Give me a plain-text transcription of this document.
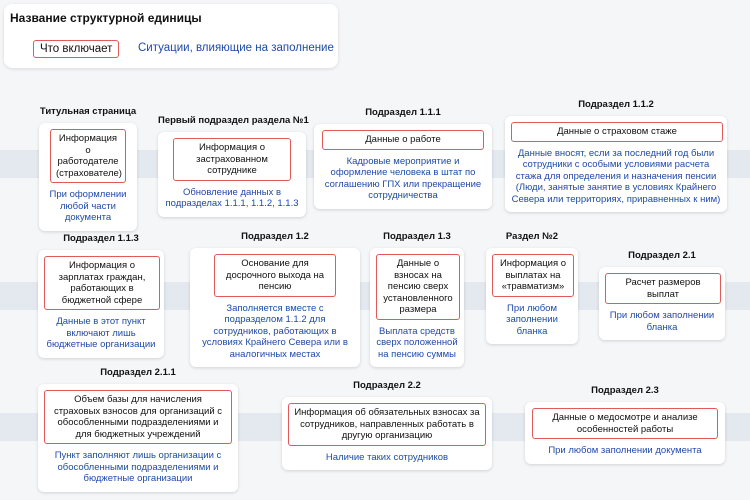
Название структурной единицы
Что включает	Ситуации, влияющие на заполнение
Титульная страница
Информация о работодателе (страхователе)
При оформлении любой части документа
Первый подраздел раздела №1
Информация о застрахованном сотруднике
Обновление данных в подразделах 1.1.1, 1.1.2, 1.1.3
Подраздел 1.1.1
Данные о работе
Кадровые мероприятие и оформление человека в штат по соглашению ГПХ или прекращение сотрудничества
Подраздел 1.1.2
Данные о страховом стаже
Данные вносят, если за последний год были сотрудники с особыми условиями расчета стажа для определения и назначения пенсии (Люди, занятые занятие в условиях Крайнего Севера или территориях, приравненных к ним)
Подраздел 1.1.3
Информация о зарплатах граждан, работающих в бюджетной сфере
Данные в этот пункт включают лишь бюджетные организации
Подраздел 1.2
Основание для досрочного выхода на пенсию
Заполняется вместе с подразделом 1.1.2 для сотрудников, работающих в условиях Крайнего Севера или в аналогичных местах
Подраздел 1.3
Данные о взносах на пенсию сверх установленного размера
Выплата средств сверх положенной на пенсию суммы
Раздел №2
Информация о выплатах на «травматизм»
При любом заполнении бланка
Подраздел 2.1
Расчет размеров выплат
При любом заполнении бланка
Подраздел 2.1.1
Объем базы для начисления страховых взносов для организаций с обособленными подразделениями и для бюджетных учреждений
Пункт заполняют лишь организации с обособленными подразделениями и бюджетные организации
Подраздел 2.2
Информация об обязательных взносах за сотрудников, направленных работать в другую организацию
Наличие таких сотрудников
Подраздел 2.3
Данные о медосмотре и анализе особенностей работы
При любом заполнении документа
